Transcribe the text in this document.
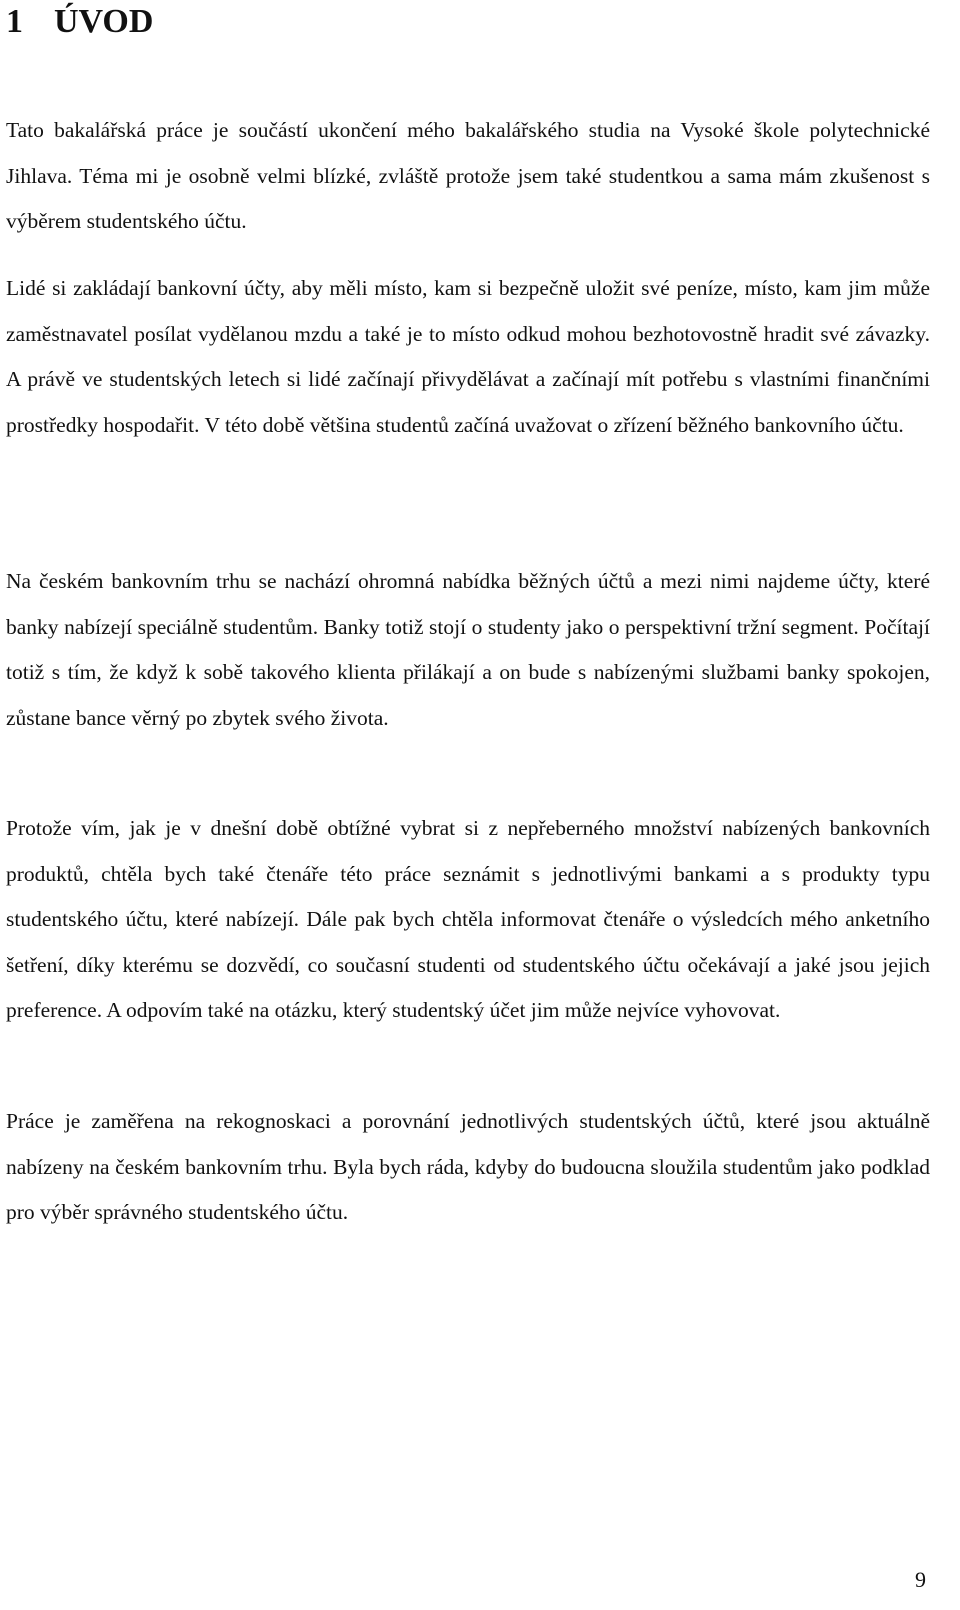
1 ÚVOD

Tato bakalářská práce je součástí ukončení mého bakalářského studia na Vysoké škole polytechnické Jihlava. Téma mi je osobně velmi blízké, zvláště protože jsem také studentkou a sama mám zkušenost s výběrem studentského účtu.

Lidé si zakládají bankovní účty, aby měli místo, kam si bezpečně uložit své peníze, místo, kam jim může zaměstnavatel posílat vydělanou mzdu a také je to místo odkud mohou bezhotovostně hradit své závazky. A právě ve studentských letech si lidé začínají přivydělávat a začínají mít potřebu s vlastními finančními prostředky hospodařit. V této době většina studentů začíná uvažovat o zřízení běžného bankovního účtu.

Na českém bankovním trhu se nachází ohromná nabídka běžných účtů a mezi nimi najdeme účty, které banky nabízejí speciálně studentům. Banky totiž stojí o studenty jako o perspektivní tržní segment. Počítají totiž s tím, že když k sobě takového klienta přilákají a on bude s nabízenými službami banky spokojen, zůstane bance věrný po zbytek svého života.

Protože vím, jak je v dnešní době obtížné vybrat si z nepřeberného množství nabízených bankovních produktů, chtěla bych také čtenáře této práce seznámit s jednotlivými bankami a s produkty typu studentského účtu, které nabízejí. Dále pak bych chtěla informovat čtenáře o výsledcích mého anketního šetření, díky kterému se dozvědí, co současní studenti od studentského účtu očekávají a jaké jsou jejich preference. A odpovím také na otázku, který studentský účet jim může nejvíce vyhovovat.

Práce je zaměřena na rekognoskaci a porovnání jednotlivých studentských účtů, které jsou aktuálně nabízeny na českém bankovním trhu. Byla bych ráda, kdyby do budoucna sloužila studentům jako podklad pro výběr správného studentského účtu.

9
